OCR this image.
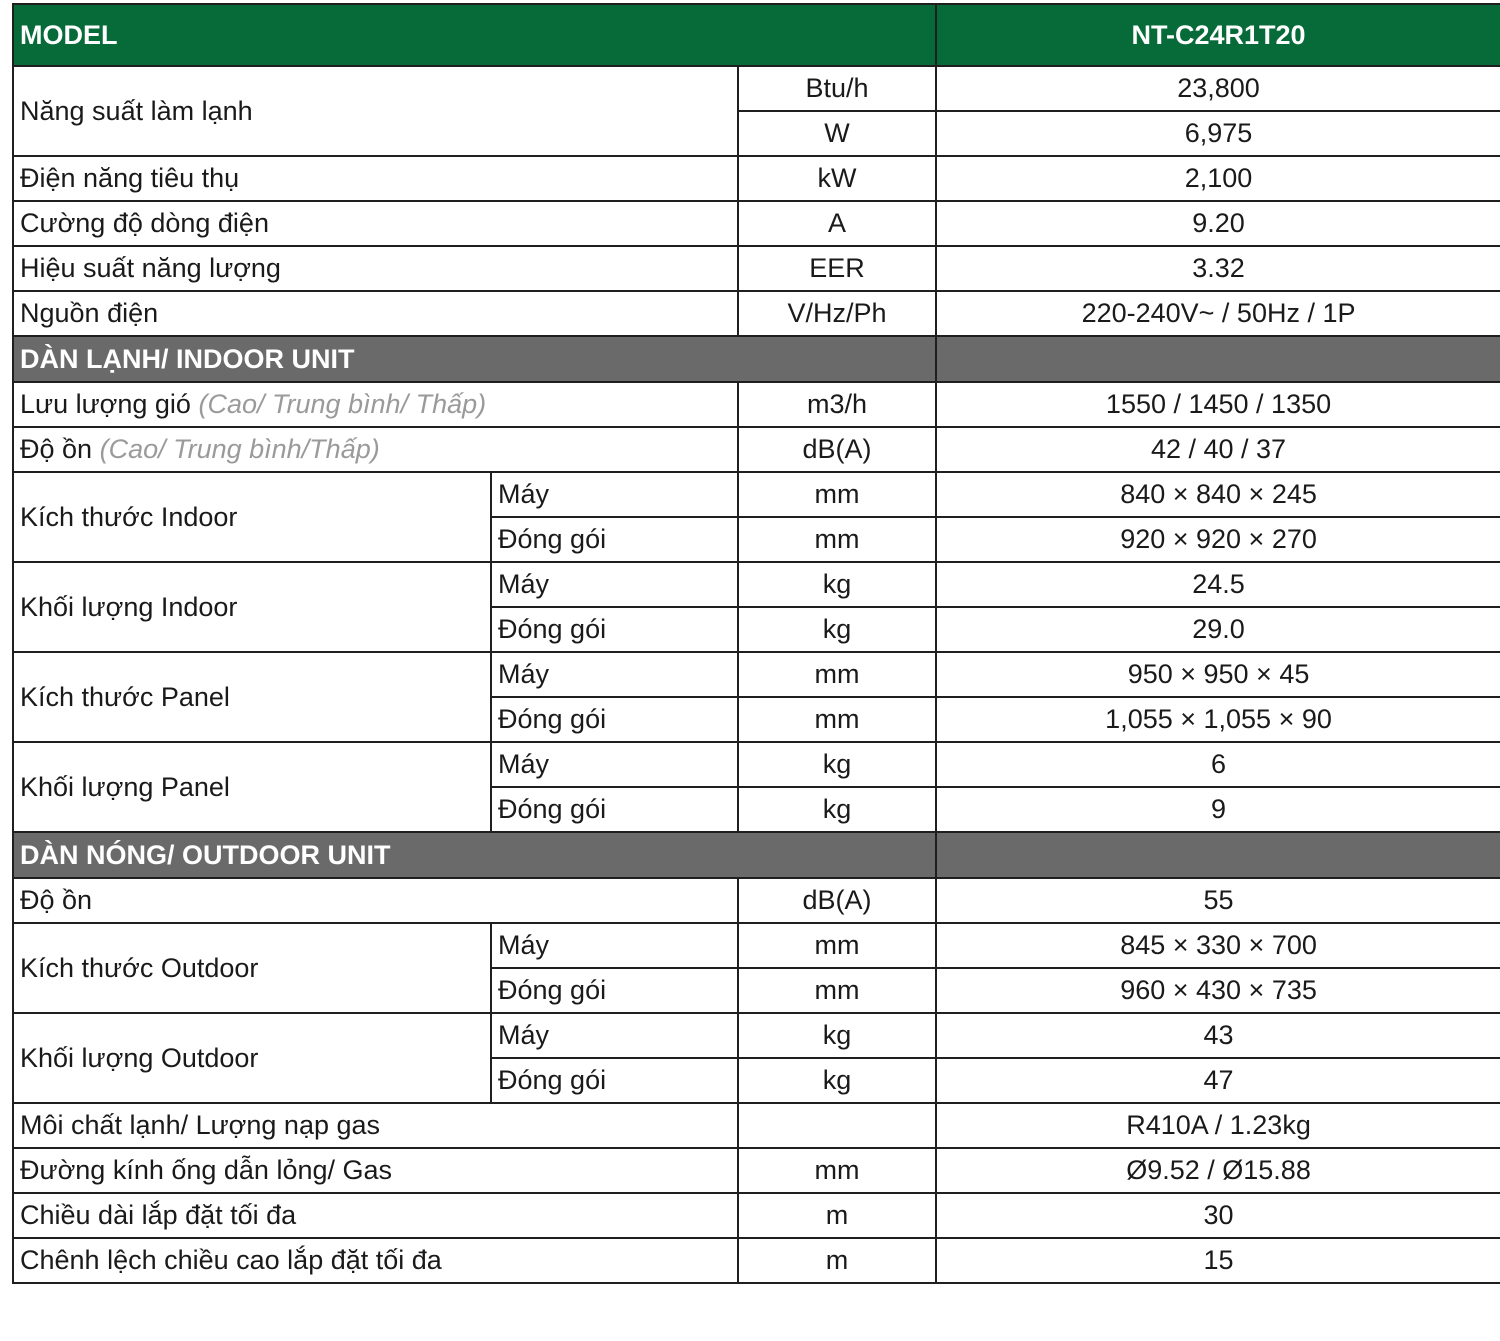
MODEL			NT-C24R1T20
Năng suất làm lạnh		Btu/h	23,800
		W	6,975
Điện năng tiêu thụ		kW	2,100
Cường độ dòng điện		A	9.20
Hiệu suất năng lượng		EER	3.32
Nguồn điện		V/Hz/Ph	220-240V~ / 50Hz / 1P
DÀN LẠNH/ INDOOR UNIT			
Lưu lượng gió (Cao/ Trung bình/ Thấp)		m3/h	1550 / 1450 / 1350
Độ ồn (Cao/ Trung bình/Thấp)		dB(A)	42 / 40 / 37
Kích thước Indoor	Máy	mm	840 × 840 × 245
	Đóng gói	mm	920 × 920 × 270
Khối lượng Indoor	Máy	kg	24.5
	Đóng gói	kg	29.0
Kích thước Panel	Máy	mm	950 × 950 × 45
	Đóng gói	mm	1,055 × 1,055 × 90
Khối lượng Panel	Máy	kg	6
	Đóng gói	kg	9
DÀN NÓNG/ OUTDOOR UNIT			
Độ ồn		dB(A)	55
Kích thước Outdoor	Máy	mm	845 × 330 × 700
	Đóng gói	mm	960 × 430 × 735
Khối lượng Outdoor	Máy	kg	43
	Đóng gói	kg	47
Môi chất lạnh/ Lượng nạp gas			R410A / 1.23kg
Đường kính ống dẫn lỏng/ Gas		mm	Ø9.52 / Ø15.88
Chiều dài lắp đặt tối đa		m	30
Chênh lệch chiều cao lắp đặt tối đa		m	15
